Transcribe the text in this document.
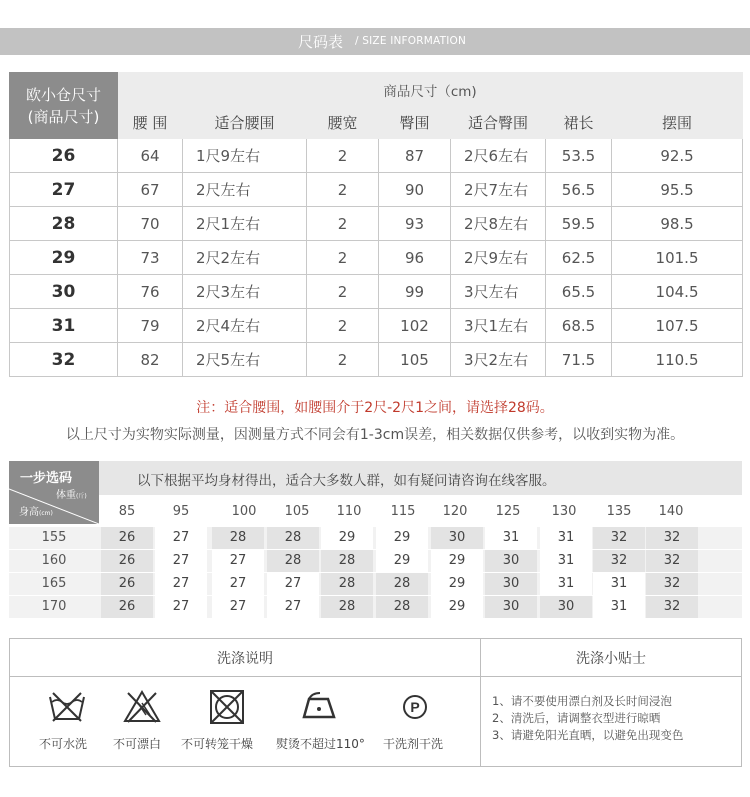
尺码表 / SIZE INFORMATION
欧小仓尺寸
(商品尺寸)	商品尺寸（cm)						
	腰 围	适合腰围	腰宽	臀围	适合臀围	裙长	摆围
26	64	1尺9左右	2	87	2尺6左右	53.5	92.5
27	67	2尺左右	2	90	2尺7左右	56.5	95.5
28	70	2尺1左右	2	93	2尺8左右	59.5	98.5
29	73	2尺2左右	2	96	2尺9左右	62.5	101.5
30	76	2尺3左右	2	99	3尺左右	65.5	104.5
31	79	2尺4左右	2	102	3尺1左右	68.5	107.5
32	82	2尺5左右	2	105	3尺2左右	71.5	110.5
注：适合腰围，如腰围介于2尺-2尺1之间，请选择28码。
以上尺寸为实物实际测量，因测量方式不同会有1-3cm误差，相关数据仅供参考，以收到实物为准。
以下根据平均身材得出，适合大多数人群，如有疑问请咨询在线客服。
一步选码
体重(斤)
身高(cm)	85	95	100	105	110	115	120	125	130	135	140
155	26	27	28	28	29	29	30	31	31	32	32
160	26	27	27	28	28	29	29	30	31	32	32
165	26	27	27	27	28	28	29	30	31	31	32
170	26	27	27	27	28	28	29	30	30	31	32
洗涤说明	洗涤小贴士
P
不可水洗 不可漂白 不可转笼干燥 熨烫不超过110° 干洗剂干洗
1、请不要使用漂白剂及长时间浸泡
2、清洗后，请调整衣型进行晾晒
3、请避免阳光直晒，以避免出现变色
